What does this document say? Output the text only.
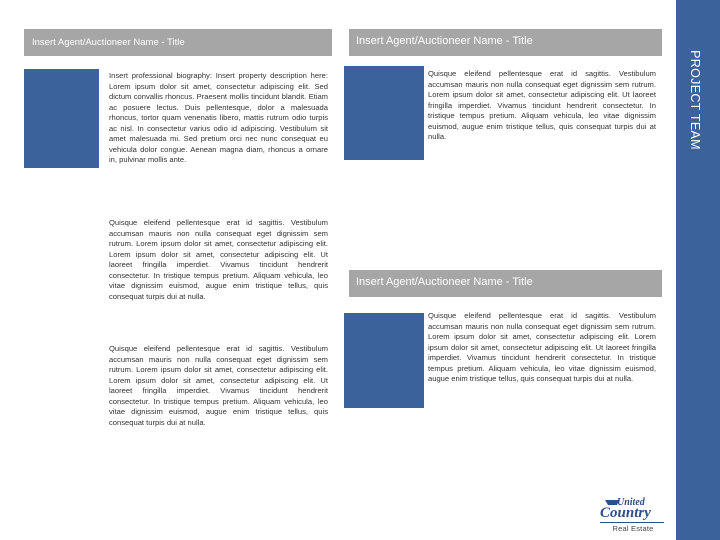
Insert Agent/Auctioneer Name - Title

Insert professional biography: Insert property description here: Lorem ipsum dolor sit amet, consectetur adipiscing elit. Sed dictum convallis rhoncus. Praesent mollis tincidunt blandit. Etiam ac posuere lectus. Duis pellentesque, dolor a malesuada rhoncus, tortor quam venenatis libero, mattis rutrum odio turpis ac nisl. In consectetur varius odio id adipiscing. Vestibulum sit amet malesuada mi. Sed pretium orci nec nunc consequat eu vehicula dolor congue. Aenean magna diam, rhoncus a ornare in, pulvinar mollis ante.

Quisque eleifend pellentesque erat id sagittis. Vestibulum accumsan mauris non nulla consequat eget dignissim sem rutrum. Lorem ipsum dolor sit amet, consectetur adipiscing elit. Lorem ipsum dolor sit amet, consectetur adipiscing elit. Ut laoreet fringilla imperdiet. Vivamus tincidunt hendrerit consectetur. In tristique tempus pretium. Aliquam vehicula, leo vitae dignissim euismod, augue enim tristique tellus, quis consequat turpis dui at nulla.

Quisque eleifend pellentesque erat id sagittis. Vestibulum accumsan mauris non nulla consequat eget dignissim sem rutrum. Lorem ipsum dolor sit amet, consectetur adipiscing elit. Lorem ipsum dolor sit amet, consectetur adipiscing elit. Ut laoreet fringilla imperdiet. Vivamus tincidunt hendrerit consectetur. In tristique tempus pretium. Aliquam vehicula, leo vitae dignissim euismod, augue enim tristique tellus, quis consequat turpis dui at nulla.

Insert Agent/Auctioneer Name - Title

Quisque eleifend pellentesque erat id sagittis. Vestibulum accumsan mauris non nulla consequat eget dignissim sem rutrum. Lorem ipsum dolor sit amet, consectetur adipiscing elit. Ut laoreet fringilla imperdiet. Vivamus tincidunt hendrerit consectetur. In tristique tempus pretium. Aliquam vehicula, leo vitae dignissim euismod, augue enim tristique tellus, quis consequat turpis dui at nulla.

Insert Agent/Auctioneer Name - Title

Quisque eleifend pellentesque erat id sagittis. Vestibulum accumsan mauris non nulla consequat eget dignissim sem rutrum. Lorem ipsum dolor sit amet, consectetur adipiscing elit. Lorem ipsum dolor sit amet, consectetur adipiscing elit. Ut laoreet fringilla imperdiet. Vivamus tincidunt hendrerit consectetur. In tristique tempus pretium. Aliquam vehicula, leo vitae dignissim euismod, augue enim tristique tellus, quis consequat turpis dui at nulla.

PROJECT TEAM
United
Country
Real Estate
